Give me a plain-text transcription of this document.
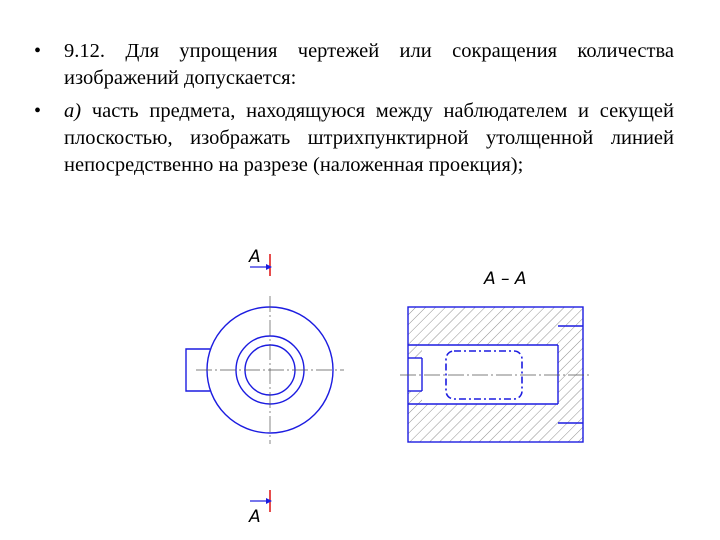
•	9.12. Для упрощения чертежей или сокращения количества изображений допускается:
•	а) часть предмета, находящуюся между наблюдателем и секущей плоскостью, изображать штрихпунктирной утолщенной линией непосредственно на разрезе (наложенная проекция);
А
А
А – А
